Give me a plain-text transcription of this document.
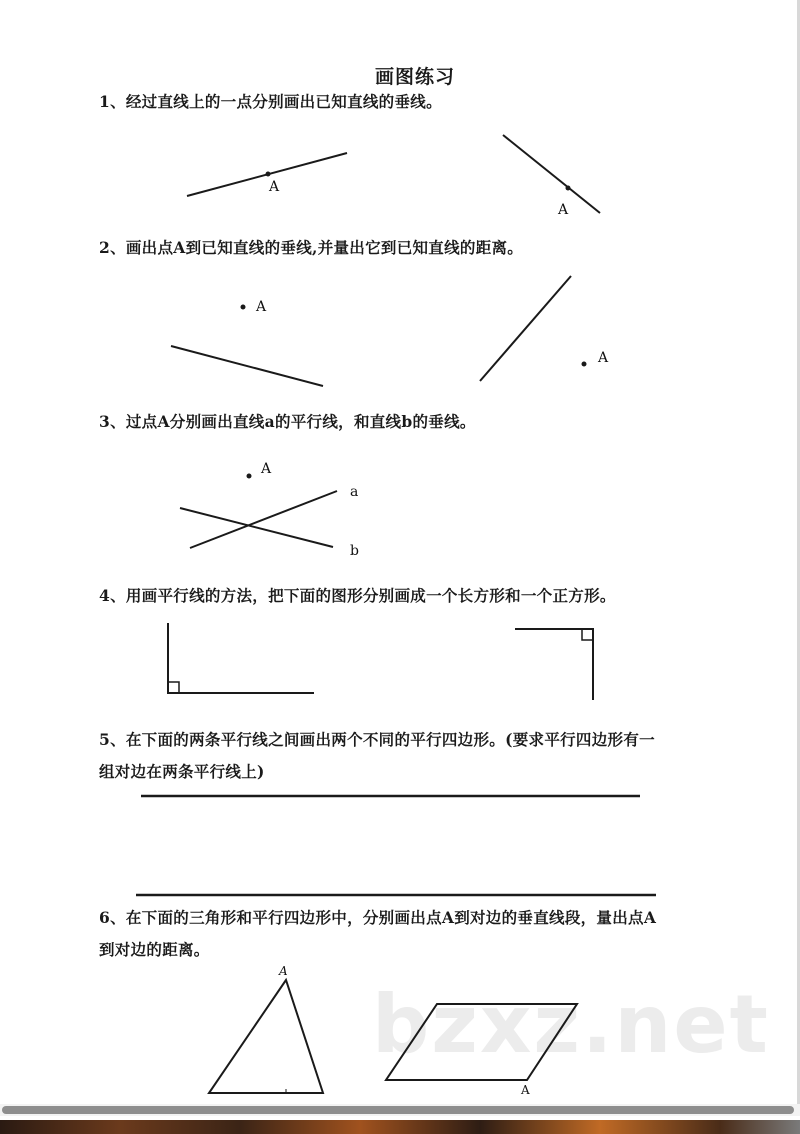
bzxz.net
画图练习
1、经过直线上的一点分别画出已知直线的垂线。
2、画出点A到已知直线的垂线,并量出它到已知直线的距离。
3、过点A分别画出直线a的平行线，和直线b的垂线。
4、用画平行线的方法，把下面的图形分别画成一个长方形和一个正方形。
5、在下面的两条平行线之间画出两个不同的平行四边形。(要求平行四边形有一
组对边在两条平行线上)
6、在下面的三角形和平行四边形中，分别画出点A到对边的垂直线段，量出点A
到对边的距离。
A
A
A
A
A
a
b
A
A
